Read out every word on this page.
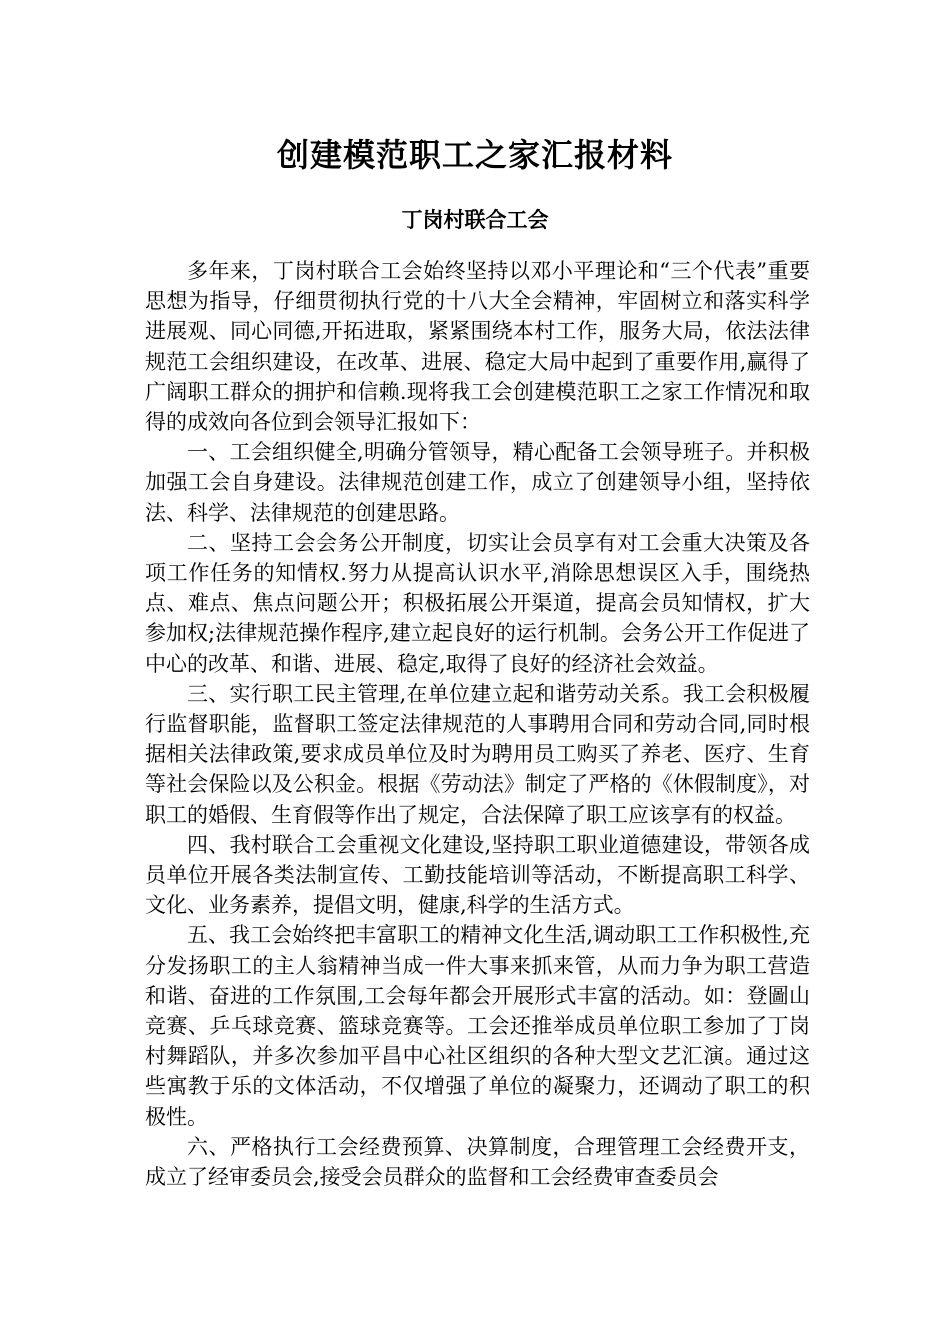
创建模范职工之家汇报材料
丁岗村联合工会

多年来，丁岗村联合工会始终坚持以邓小平理论和“三个代表”重要思想为指导，仔细贯彻执行党的十八大全会精神，牢固树立和落实科学进展观、同心同德,开拓进取，紧紧围绕本村工作，服务大局，依法法律规范工会组织建设，在改革、进展、稳定大局中起到了重要作用,赢得了广阔职工群众的拥护和信赖.现将我工会创建模范职工之家工作情况和取得的成效向各位到会领导汇报如下：

一、工会组织健全,明确分管领导，精心配备工会领导班子。并积极加强工会自身建设。法律规范创建工作，成立了创建领导小组，坚持依法、科学、法律规范的创建思路。

二、坚持工会会务公开制度，切实让会员享有对工会重大决策及各项工作任务的知情权.努力从提高认识水平,消除思想误区入手，围绕热点、难点、焦点问题公开；积极拓展公开渠道，提高会员知情权，扩大参加权;法律规范操作程序,建立起良好的运行机制。会务公开工作促进了中心的改革、和谐、进展、稳定,取得了良好的经济社会效益。

三、实行职工民主管理,在单位建立起和谐劳动关系。我工会积极履行监督职能，监督职工签定法律规范的人事聘用合同和劳动合同,同时根据相关法律政策,要求成员单位及时为聘用员工购买了养老、医疗、生育等社会保险以及公积金。根据《劳动法》制定了严格的《休假制度》，对职工的婚假、生育假等作出了规定，合法保障了职工应该享有的权益。

四、我村联合工会重视文化建设,坚持职工职业道德建设，带领各成员单位开展各类法制宣传、工勤技能培训等活动，不断提高职工科学、文化、业务素养，提倡文明，健康,科学的生活方式。

五、我工会始终把丰富职工的精神文化生活,调动职工工作积极性,充分发扬职工的主人翁精神当成一件大事来抓来管，从而力争为职工营造和谐、奋进的工作氛围,工会每年都会开展形式丰富的活动。如：登圖山竞赛、乒乓球竞赛、篮球竞赛等。工会还推举成员单位职工参加了丁岗村舞蹈队，并多次参加平昌中心社区组织的各种大型文艺汇演。通过这些寓教于乐的文体活动，不仅增强了单位的凝聚力，还调动了职工的积极性。

六、严格执行工会经费预算、决算制度，合理管理工会经费开支，成立了经审委员会,接受会员群众的监督和工会经费审查委员会
